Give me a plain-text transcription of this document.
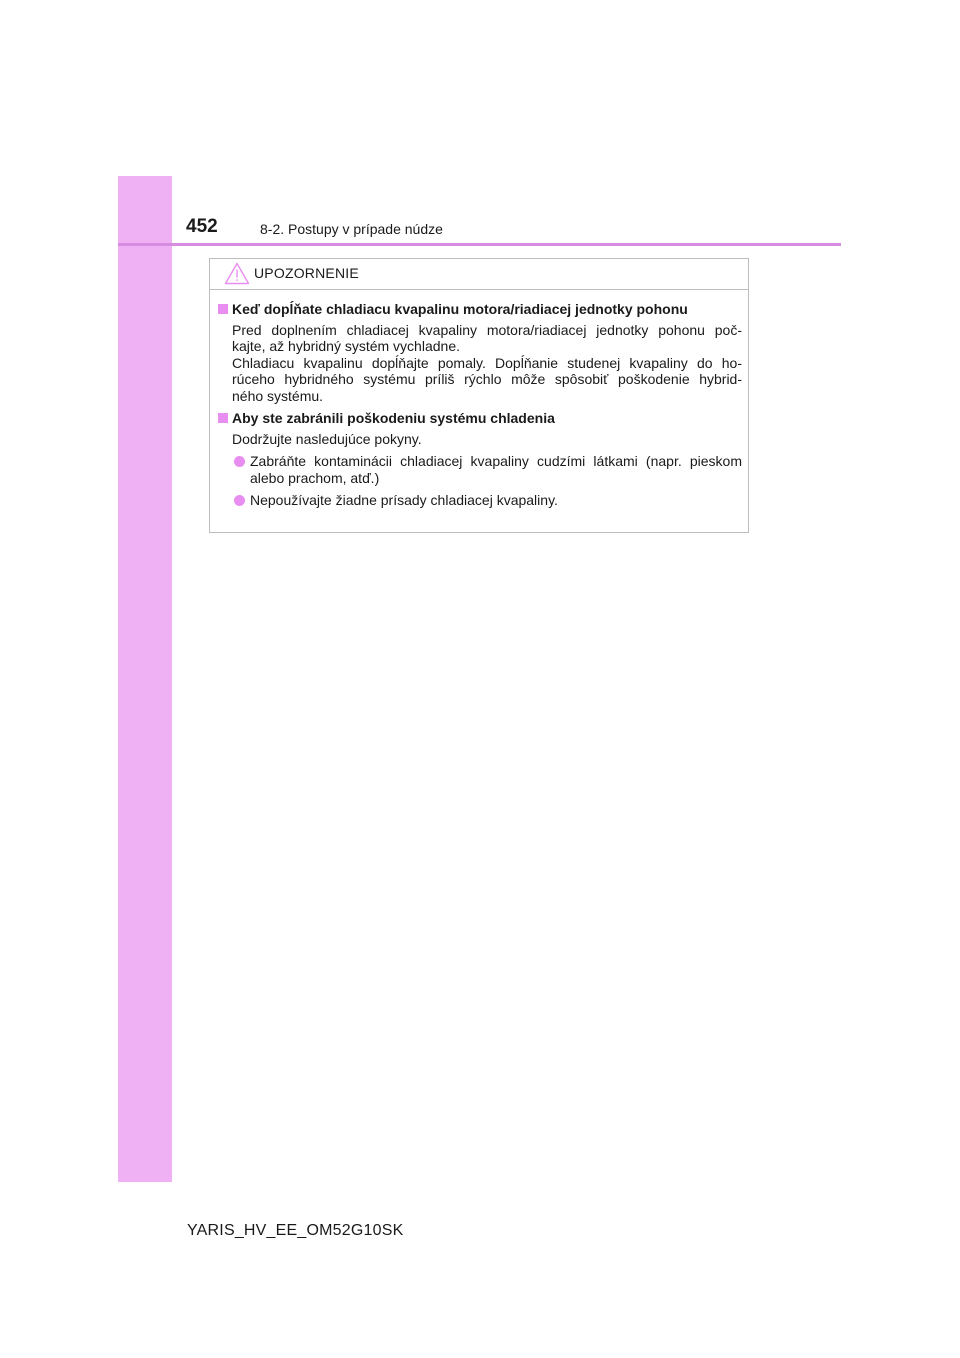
452	8-2. Postupy v prípade núdze
UPOZORNENIE
Keď dopĺňate chladiacu kvapalinu motora/riadiacej jednotky pohonu
Pred doplnením chladiacej kvapaliny motora/riadiacej jednotky pohonu poč-
kajte, až hybridný systém vychladne.
Chladiacu kvapalinu dopĺňajte pomaly. Dopĺňanie studenej kvapaliny do ho-
rúceho hybridného systému príliš rýchlo môže spôsobiť poškodenie hybrid-
ného systému.
Aby ste zabránili poškodeniu systému chladenia
Dodržujte nasledujúce pokyny.
Zabráňte kontaminácii chladiacej kvapaliny cudzími látkami (napr. pieskom
alebo prachom, atď.)
Nepoužívajte žiadne prísady chladiacej kvapaliny.
YARIS_HV_EE_OM52G10SK
